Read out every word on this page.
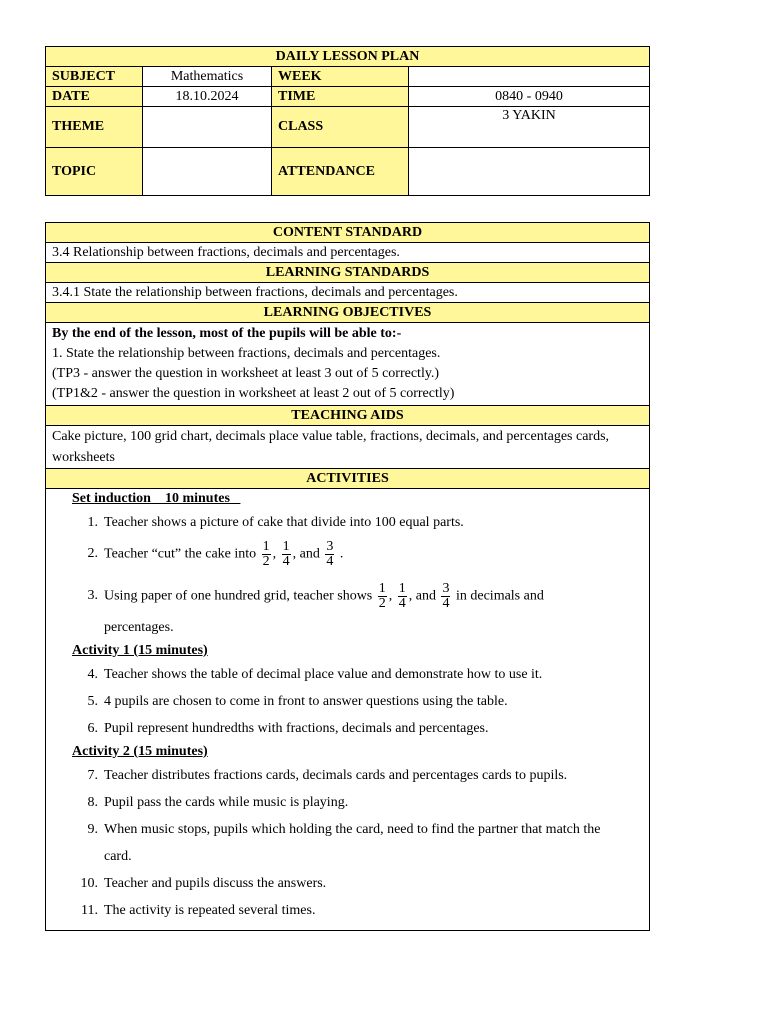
DAILY LESSON PLAN			
SUBJECT	Mathematics	WEEK	
DATE	18.10.2024	TIME	0840 - 0940
THEME		CLASS	3 YAKIN
TOPIC		ATTENDANCE	
CONTENT STANDARD
3.4 Relationship between fractions, decimals and percentages.
LEARNING STANDARDS
3.4.1 State the relationship between fractions, decimals and percentages.
LEARNING OBJECTIVES

By the end of the lesson, most of the pupils will be able to:-
1. State the relationship between fractions, decimals and percentages.
(TP3 - answer the question in worksheet at least 3 out of 5 correctly.)
(TP1&2 - answer the question in worksheet at least 2 out of 5 correctly)

TEACHING AIDS
Cake picture, 100 grid chart, decimals place value table, fractions, decimals, and percentages cards, worksheets
ACTIVITIES

Set induction    10 minutes
1. Teacher shows a picture of cake that divide into 100 equal parts.
2. Teacher “cut” the cake into $\frac{1}{2}$ , $\frac{1}{4}$ , and $\frac{3}{4}$ .
3. Using paper of one hundred grid, teacher shows $\frac{1}{2}$ , $\frac{1}{4}$ , and $\frac{3}{4}$ in decimals and
percentages.
Activity 1 (15 minutes)
4. Teacher shows the table of decimal place value and demonstrate how to use it.
5. 4 pupils are chosen to come in front to answer questions using the table.
6. Pupil represent hundredths with fractions, decimals and percentages.
Activity 2 (15 minutes)
7. Teacher distributes fractions cards, decimals cards and percentages cards to pupils.
8. Pupil pass the cards while music is playing.
9. When music stops, pupils which holding the card, need to find the partner that match the
card.
10. Teacher and pupils discuss the answers.
11. The activity is repeated several times.
